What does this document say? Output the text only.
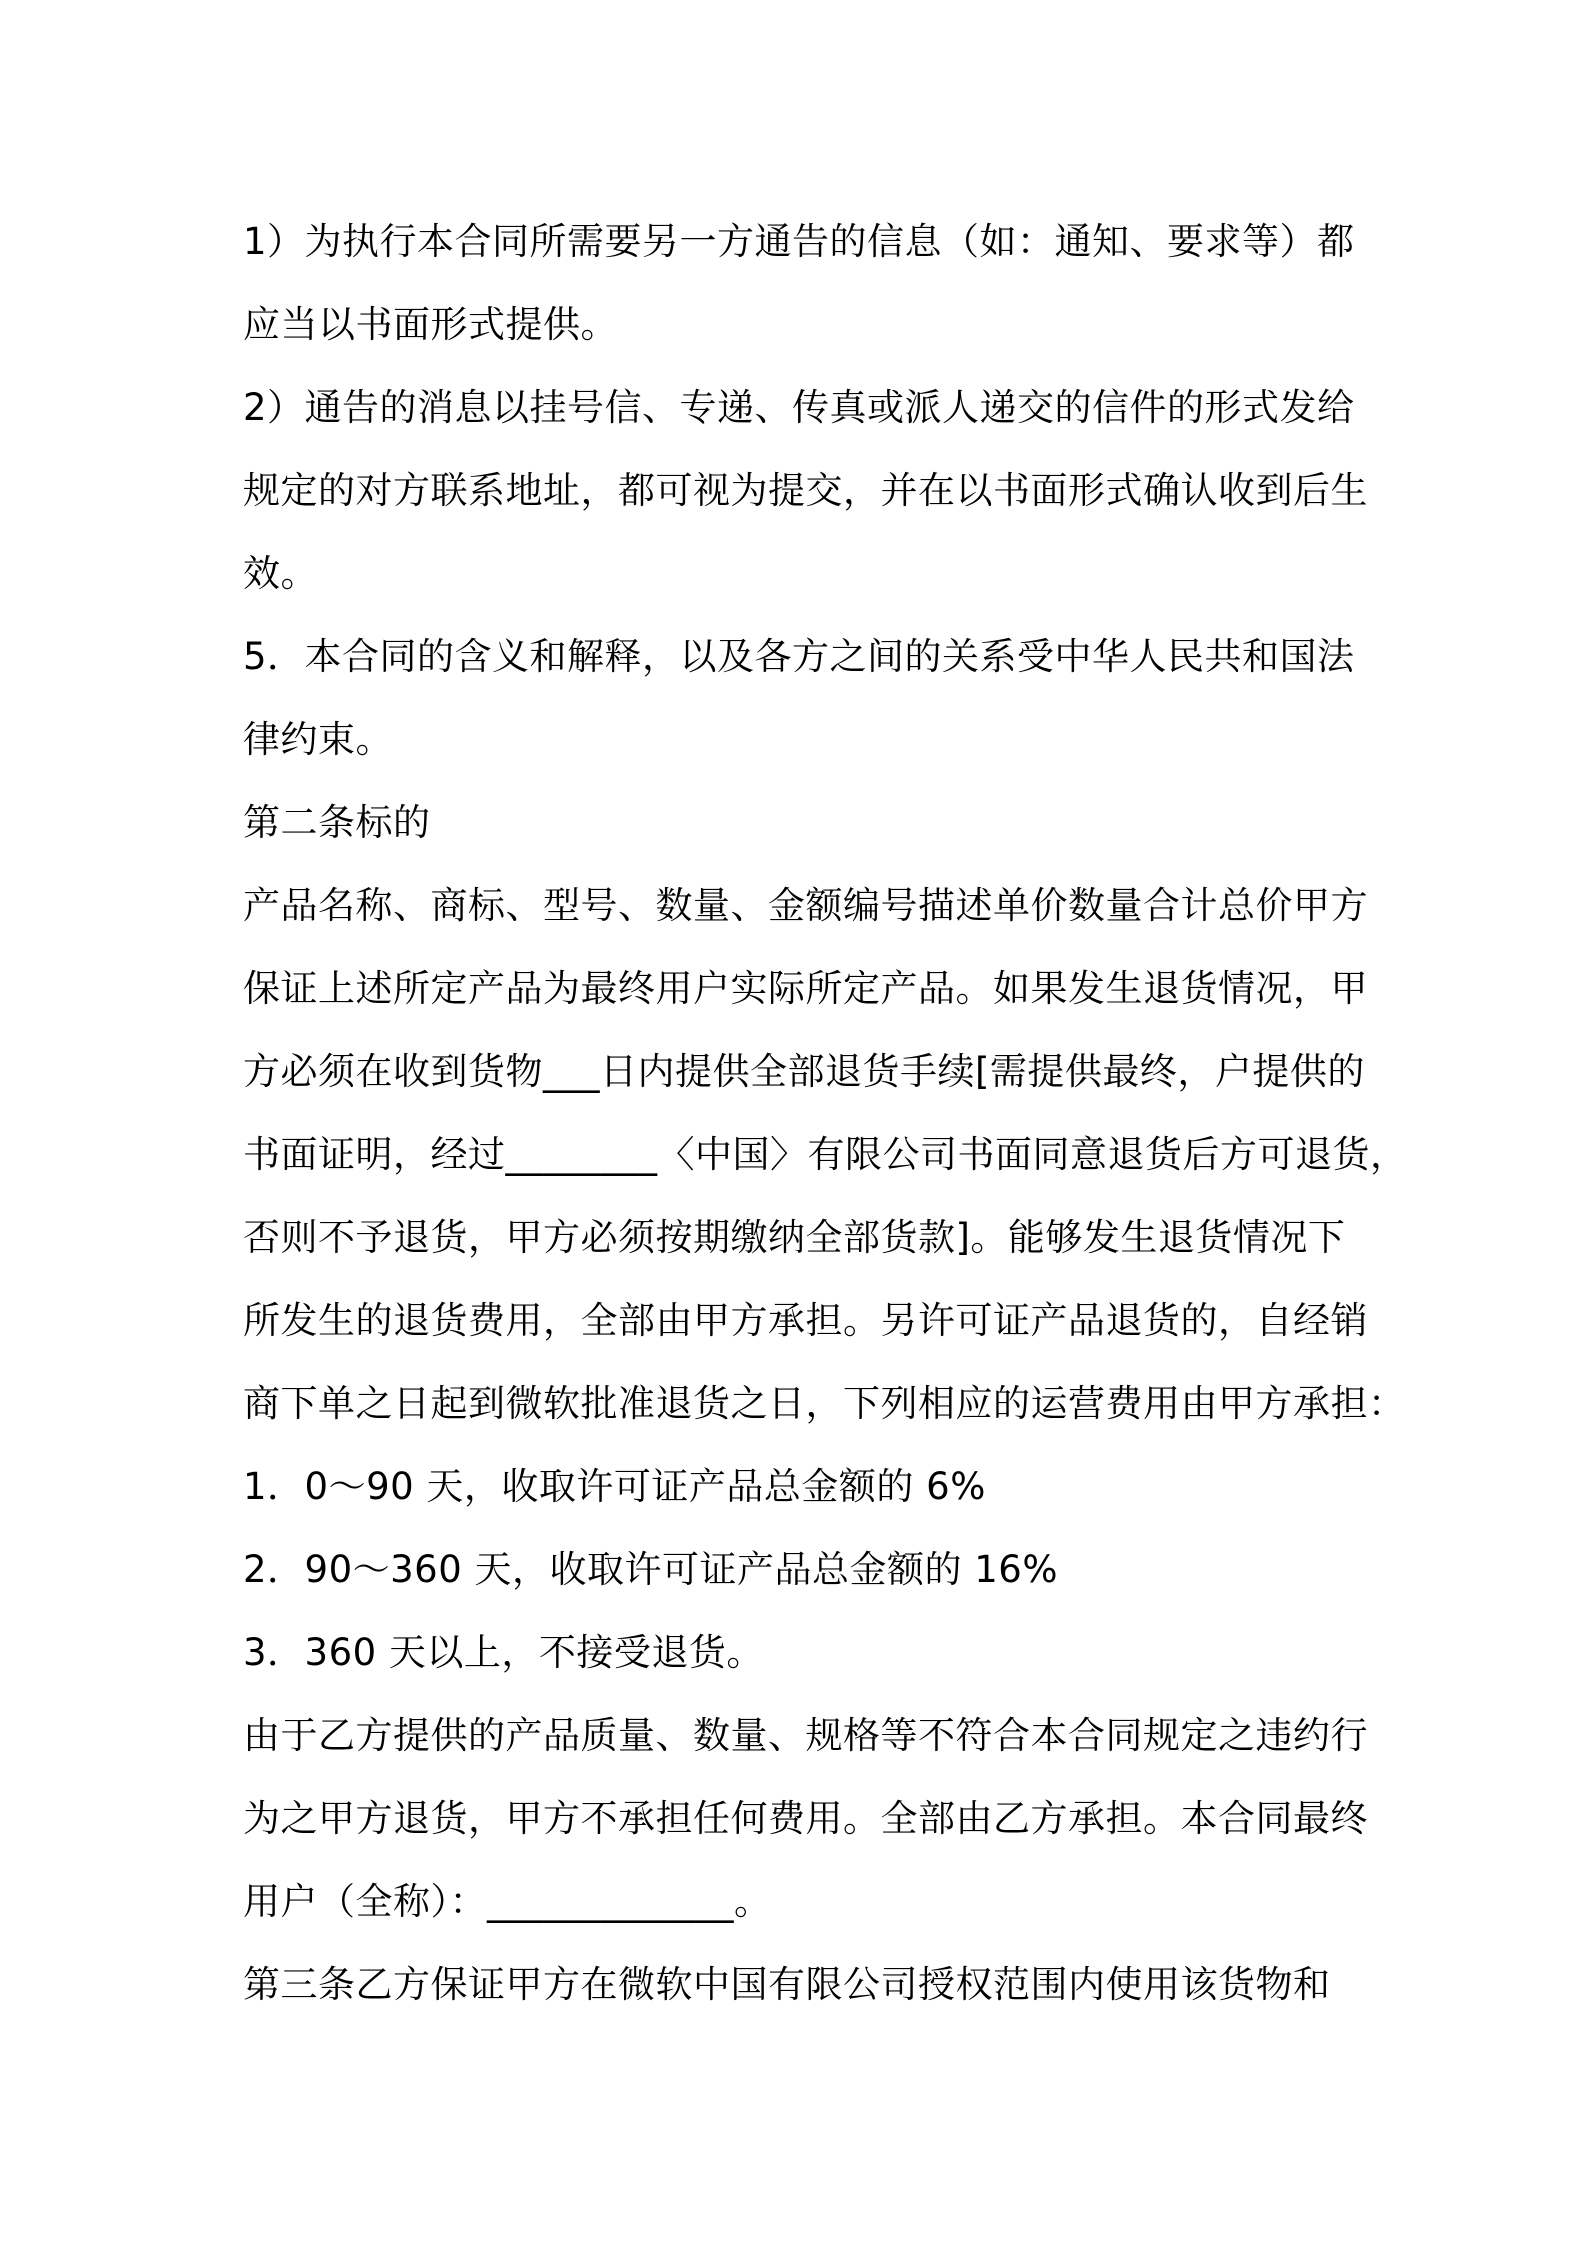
1）为执行本合同所需要另一方通告的信息（如：通知、要求等）都
应当以书面形式提供。
2）通告的消息以挂号信、专递、传真或派人递交的信件的形式发给
规定的对方联系地址，都可视为提交，并在以书面形式确认收到后生
效。
5．本合同的含义和解释，以及各方之间的关系受中华人民共和国法
律约束。
第二条标的
产品名称、商标、型号、数量、金额编号描述单价数量合计总价甲方
保证上述所定产品为最终用户实际所定产品。如果发生退货情况，甲
方必须在收到货物___日内提供全部退货手续[需提供最终，户提供的
书面证明，经过________〈中国〉有限公司书面同意退货后方可退货，
否则不予退货，甲方必须按期缴纳全部货款]。能够发生退货情况下
所发生的退货费用，全部由甲方承担。另许可证产品退货的，自经销
商下单之日起到微软批准退货之日，下列相应的运营费用由甲方承担：
1．0～90 天，收取许可证产品总金额的 6%
2．90～360 天，收取许可证产品总金额的 16%
3．360 天以上，不接受退货。
由于乙方提供的产品质量、数量、规格等不符合本合同规定之违约行
为之甲方退货，甲方不承担任何费用。全部由乙方承担。本合同最终
用户（全称）：_____________。
第三条乙方保证甲方在微软中国有限公司授权范围内使用该货物和
